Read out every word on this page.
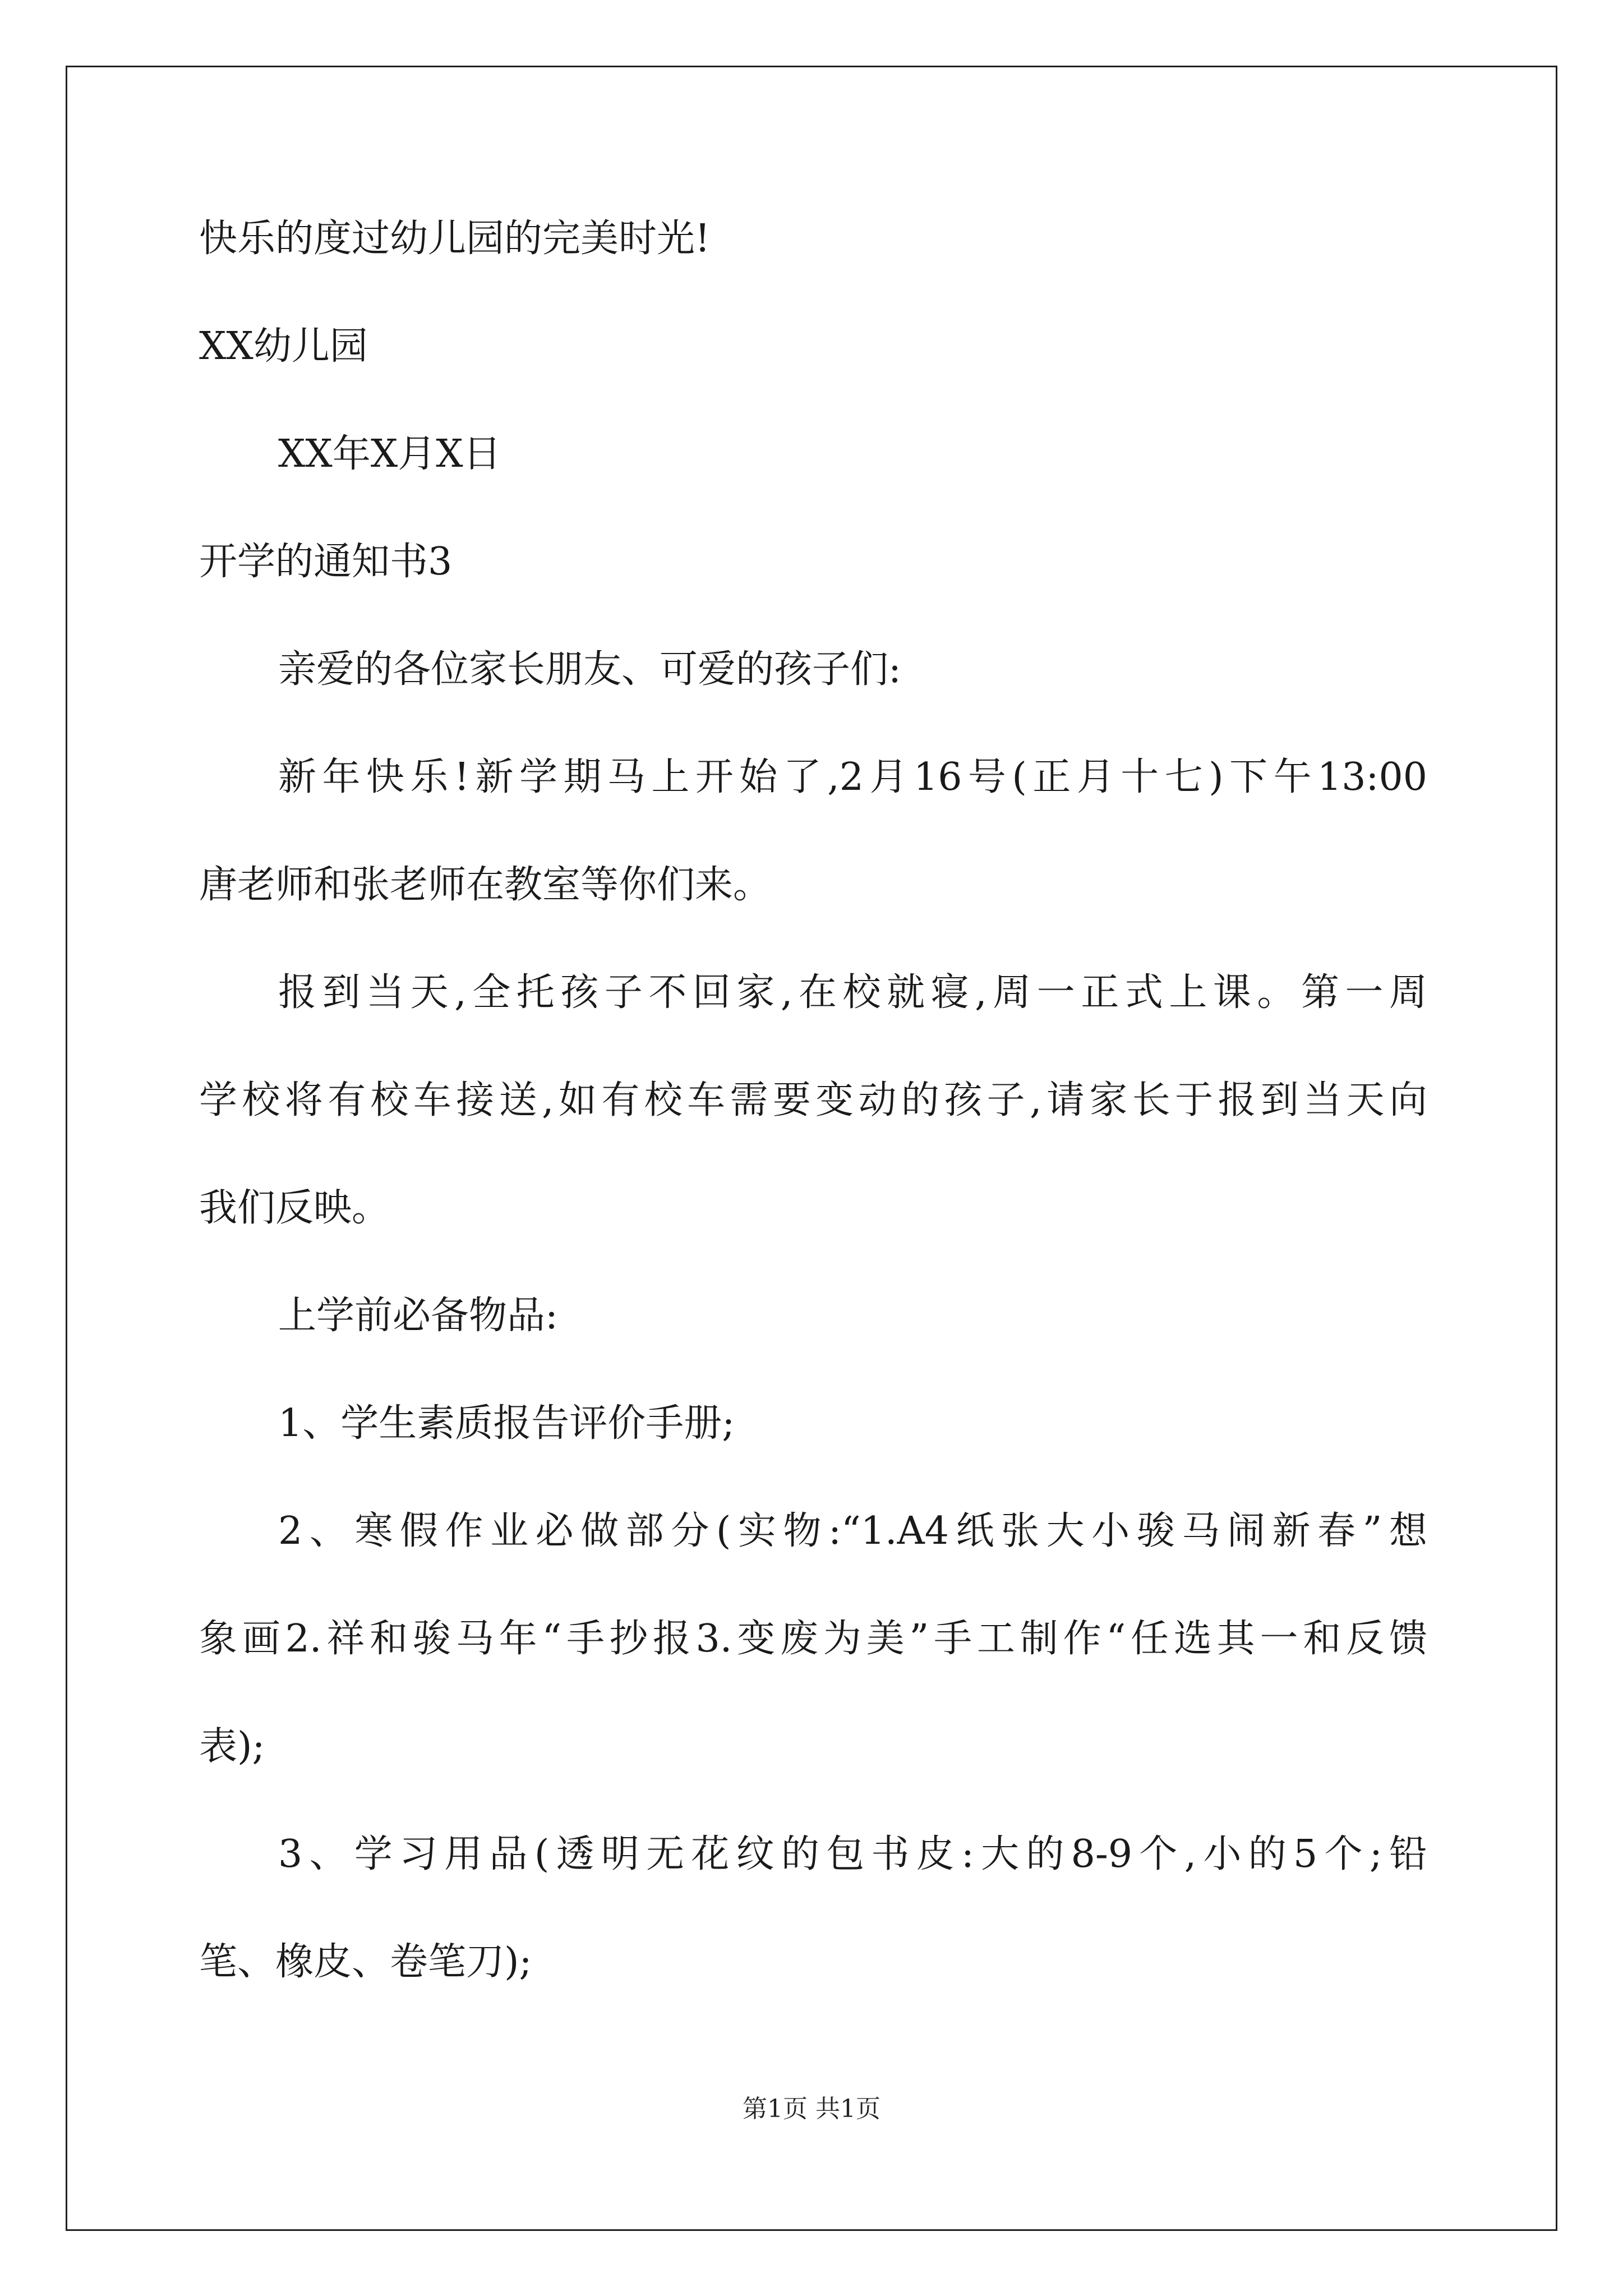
快乐的度过幼儿园的完美时光!
XX幼儿园
XX年X月X日
开学的通知书3
亲爱的各位家长朋友、可爱的孩子们:
新年快乐!新学期马上开始了,2月16号(正月十七)下午13:00
唐老师和张老师在教室等你们来。
报到当天,全托孩子不回家,在校就寝,周一正式上课。第一周
学校将有校车接送,如有校车需要变动的孩子,请家长于报到当天向
我们反映。
上学前必备物品:
1、学生素质报告评价手册;
2、寒假作业必做部分(实物:“1.A4纸张大小骏马闹新春”想
象画2.祥和骏马年“手抄报3.变废为美”手工制作“任选其一和反馈
表);
3、学习用品(透明无花纹的包书皮:大的8-9个,小的5个;铅
笔、橡皮、卷笔刀);
第1页 共1页
